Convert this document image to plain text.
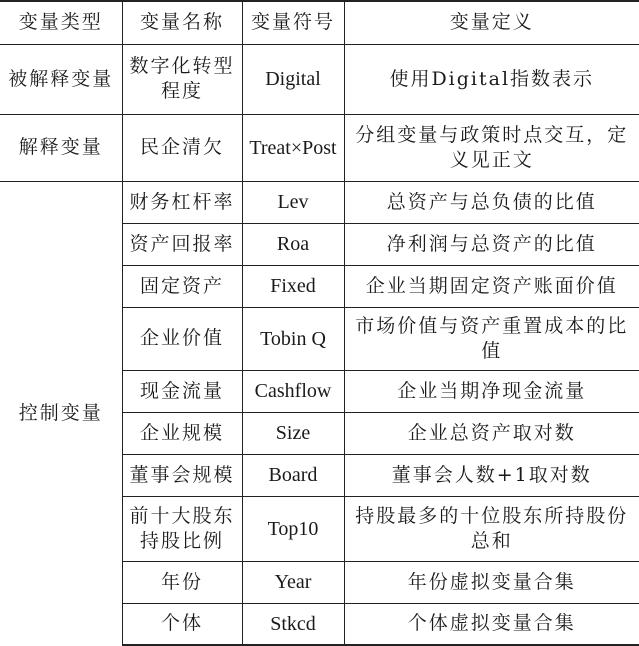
变量类型	变量名称	变量符号	变量定义
被解释变量	数字化转型程度	Digital	使用Digital指数表示
解释变量	民企清欠	Treat×Post	分组变量与政策时点交互，定义见正文
控制变量	财务杠杆率	Lev	总资产与总负债的比值
	资产回报率	Roa	净利润与总资产的比值
	固定资产	Fixed	企业当期固定资产账面价值
	企业价值	Tobin Q	市场价值与资产重置成本的比值
	现金流量	Cashflow	企业当期净现金流量
	企业规模	Size	企业总资产取对数
	董事会规模	Board	董事会人数+1取对数
	前十大股东持股比例	Top10	持股最多的十位股东所持股份总和
	年份	Year	年份虚拟变量合集
	个体	Stkcd	个体虚拟变量合集
